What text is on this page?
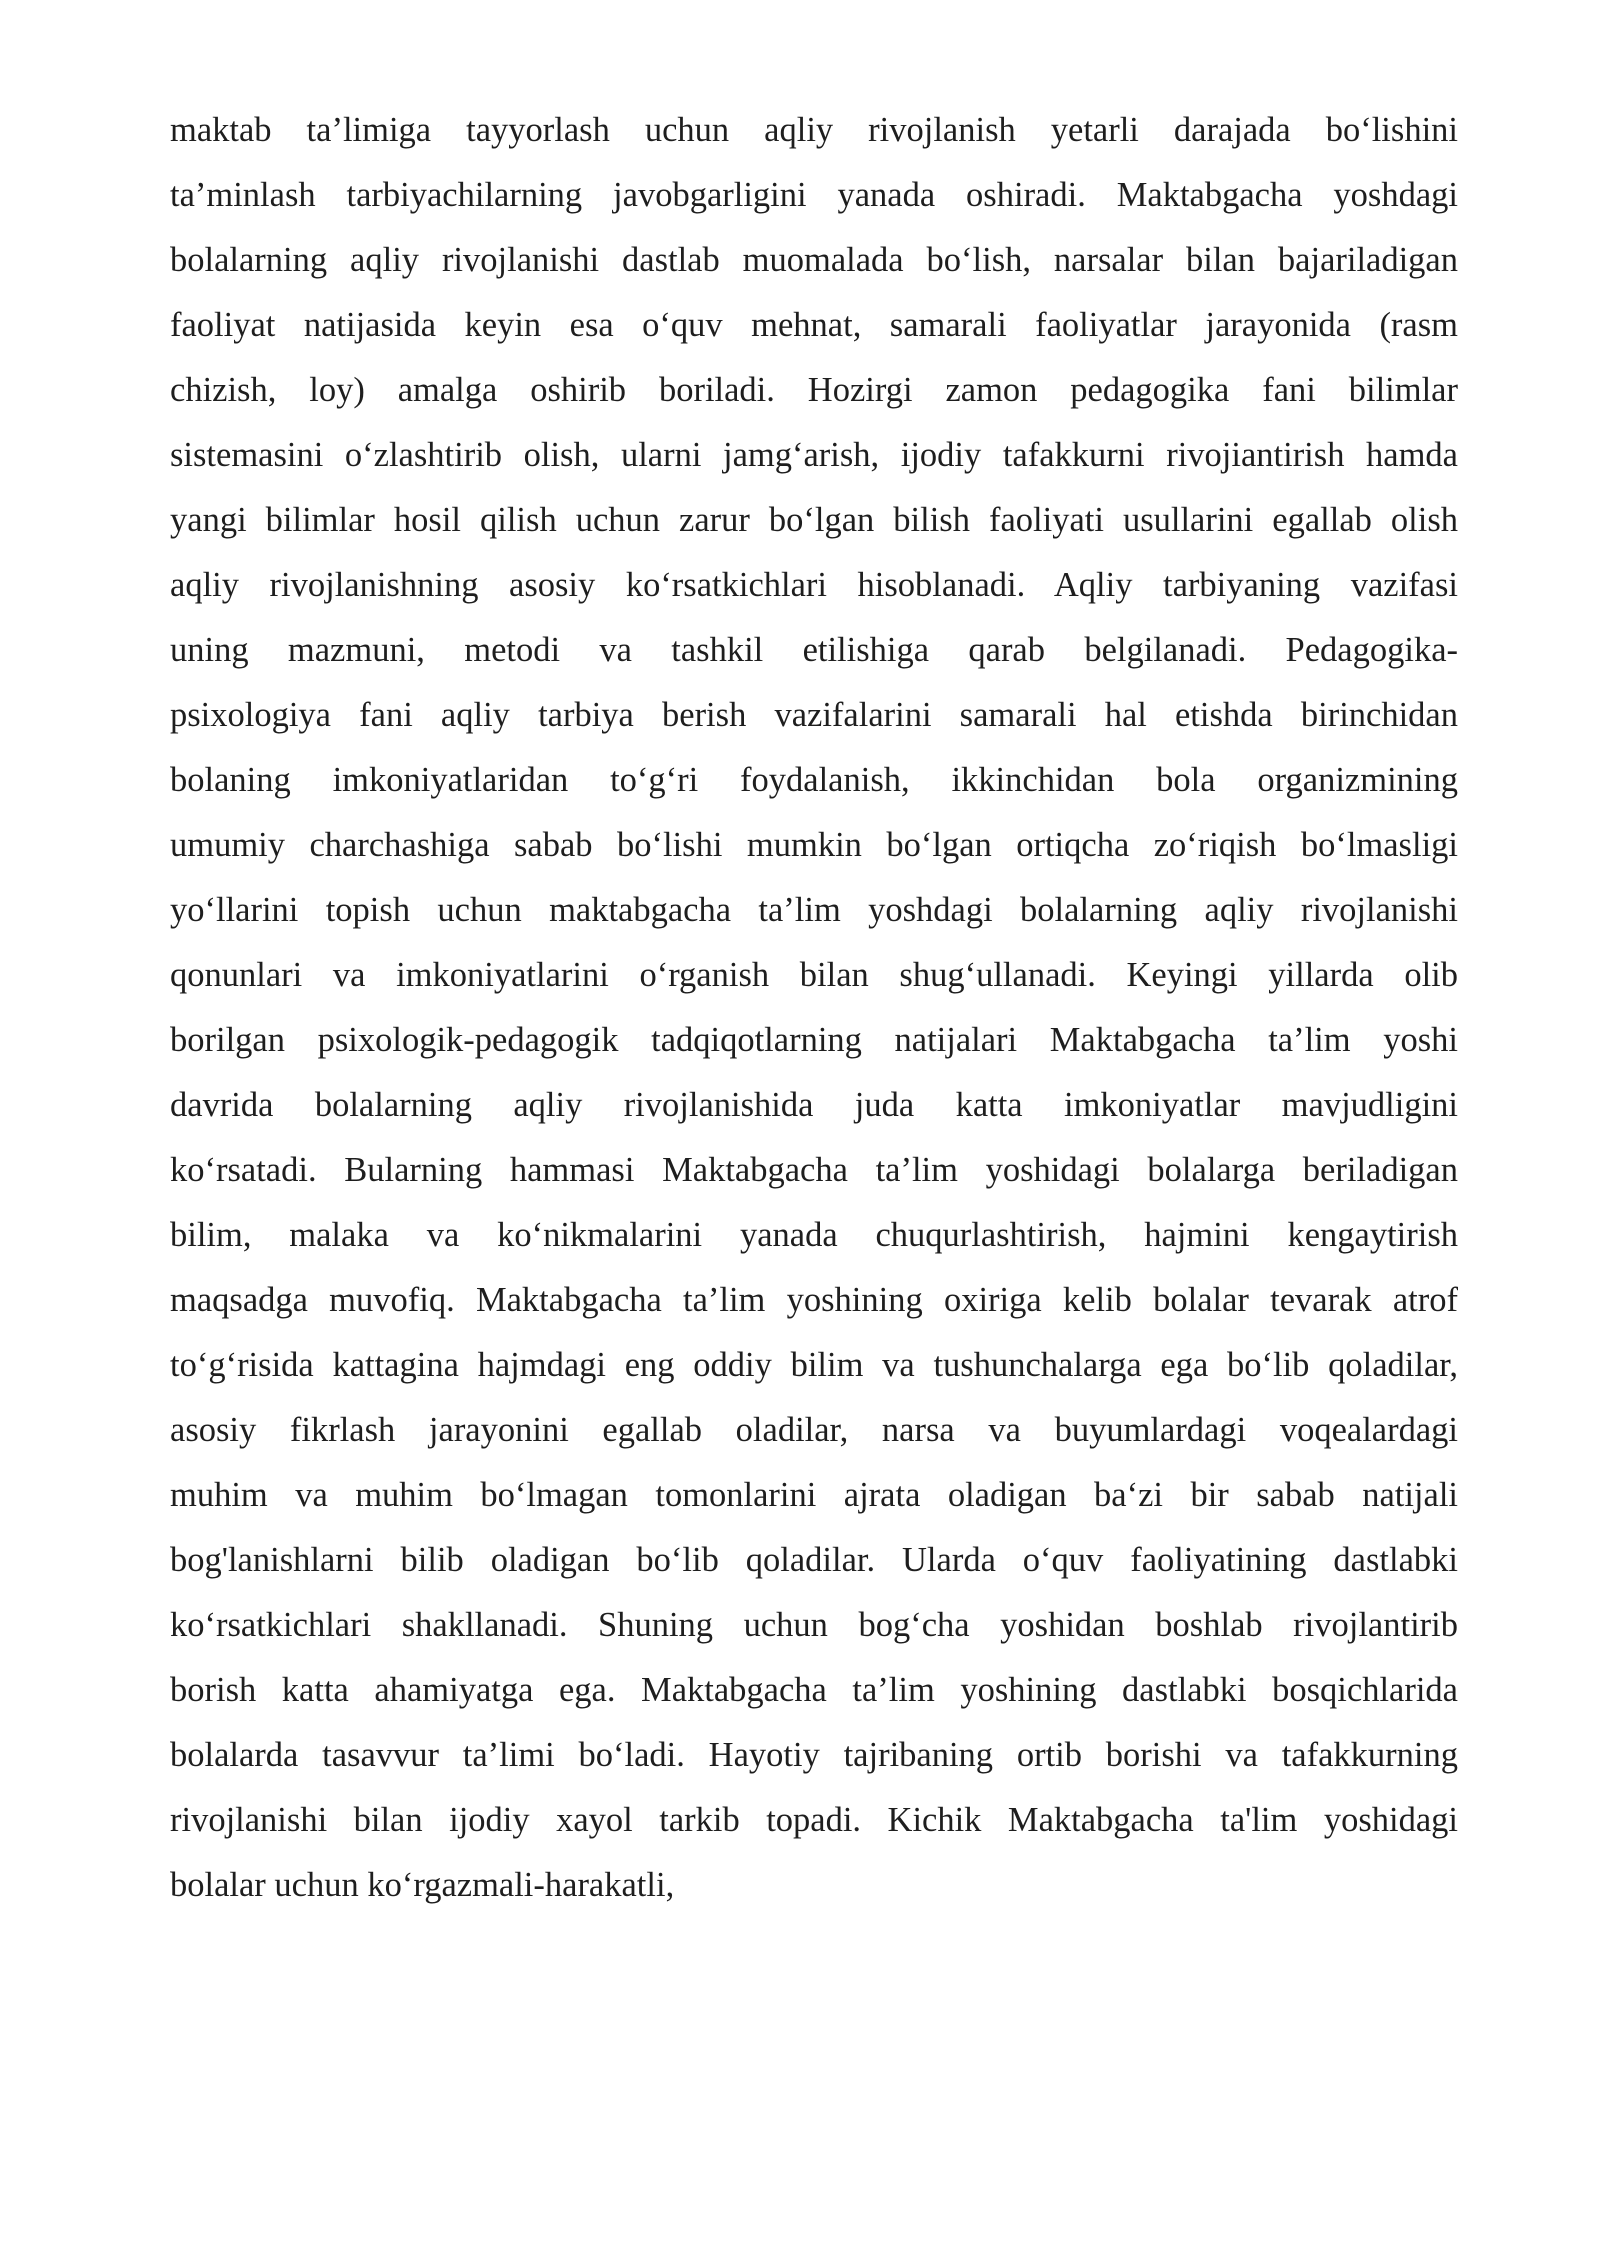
maktab ta’limiga tayyorlash uchun aqliy rivojlanish yetarli darajada bo‘lishini
ta’minlash tarbiyachilarning javobgarligini yanada oshiradi. Maktabgacha yoshdagi
bolalarning aqliy rivojlanishi dastlab muomalada bo‘lish, narsalar bilan bajariladigan
faoliyat natijasida keyin esa o‘quv mehnat, samarali faoliyatlar jarayonida (rasm
chizish, loy) amalga oshirib boriladi. Hozirgi zamon pedagogika fani bilimlar
sistemasini o‘zlashtirib olish, ularni jamg‘arish, ijodiy tafakkurni rivojiantirish hamda
yangi bilimlar hosil qilish uchun zarur bo‘lgan bilish faoliyati usullarini egallab olish
aqliy rivojlanishning asosiy ko‘rsatkichlari hisoblanadi. Aqliy tarbiyaning vazifasi
uning mazmuni, metodi va tashkil etilishiga qarab belgilanadi. Pedagogika-
psixologiya fani aqliy tarbiya berish vazifalarini samarali hal etishda birinchidan
bolaning imkoniyatlaridan to‘g‘ri foydalanish, ikkinchidan bola organizmining
umumiy charchashiga sabab bo‘lishi mumkin bo‘lgan ortiqcha zo‘riqish bo‘lmasligi
yo‘llarini topish uchun maktabgacha ta’lim yoshdagi bolalarning aqliy rivojlanishi
qonunlari va imkoniyatlarini o‘rganish bilan shug‘ullanadi. Keyingi yillarda olib
borilgan psixologik-pedagogik tadqiqotlarning natijalari Maktabgacha ta’lim yoshi
davrida bolalarning aqliy rivojlanishida juda katta imkoniyatlar mavjudligini
ko‘rsatadi. Bularning hammasi Maktabgacha ta’lim yoshidagi bolalarga beriladigan
bilim, malaka va ko‘nikmalarini yanada chuqurlashtirish, hajmini kengaytirish
maqsadga muvofiq. Maktabgacha ta’lim yoshining oxiriga kelib bolalar tevarak atrof
to‘g‘risida kattagina hajmdagi eng oddiy bilim va tushunchalarga ega bo‘lib qoladilar,
asosiy fikrlash jarayonini egallab oladilar, narsa va buyumlardagi voqealardagi
muhim va muhim bo‘lmagan tomonlarini ajrata oladigan ba‘zi bir sabab natijali
bog'lanishlarni bilib oladigan bo‘lib qoladilar. Ularda o‘quv faoliyatining dastlabki
ko‘rsatkichlari shakllanadi. Shuning uchun bog‘cha yoshidan boshlab rivojlantirib
borish katta ahamiyatga ega. Maktabgacha ta’lim yoshining dastlabki bosqichlarida
bolalarda tasavvur ta’limi bo‘ladi. Hayotiy tajribaning ortib borishi va tafakkurning
rivojlanishi bilan ijodiy xayol tarkib topadi. Kichik Maktabgacha ta'lim yoshidagi
bolalar uchun ko‘rgazmali-harakatli,
